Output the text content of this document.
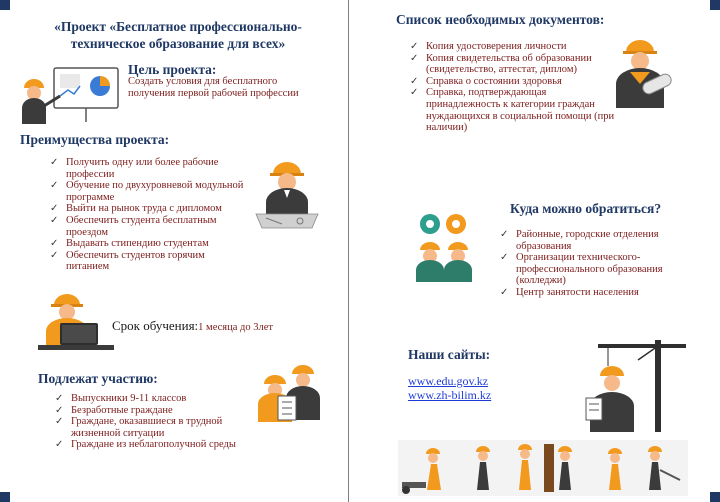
«Проект «Бесплатное профессионально-техническое образование для всех»
Цель проекта:
Создать условия для бесплатного получения первой рабочей профессии
Преимущества проекта:
✓ Получить одну или более рабочие профессии
✓ Обучение по двухуровневой модульной программе
✓ Выйти на рынок труда с дипломом
✓ Обеспечить студента бесплатным проездом
✓ Выдавать стипендию студентам
✓ Обеспечить студентов горячим питанием
Срок обучения:1 месяца до 3лет
Подлежат участию:
✓ Выпускники 9-11 классов
✓ Безработные граждане
✓ Граждане, оказавшиеся в трудной жизненной ситуации
✓ Граждане из неблагополучной среды
Список необходимых документов:
✓ Копия удостоверения личности
✓ Копия свидетельства об образовании (свидетельство, аттестат, диплом)
✓ Справка о состоянии здоровья
✓ Справка, подтверждающая принадлежность к категории граждан нуждающихся в социальной помощи (при наличии)
Куда можно обратиться?
✓ Районные, городские отделения образования
✓ Организации технического-профессионального образования (колледжи)
✓ Центр занятости населения
Наши сайты:
www.edu.gov.kz
www.zh-bilim.kz
